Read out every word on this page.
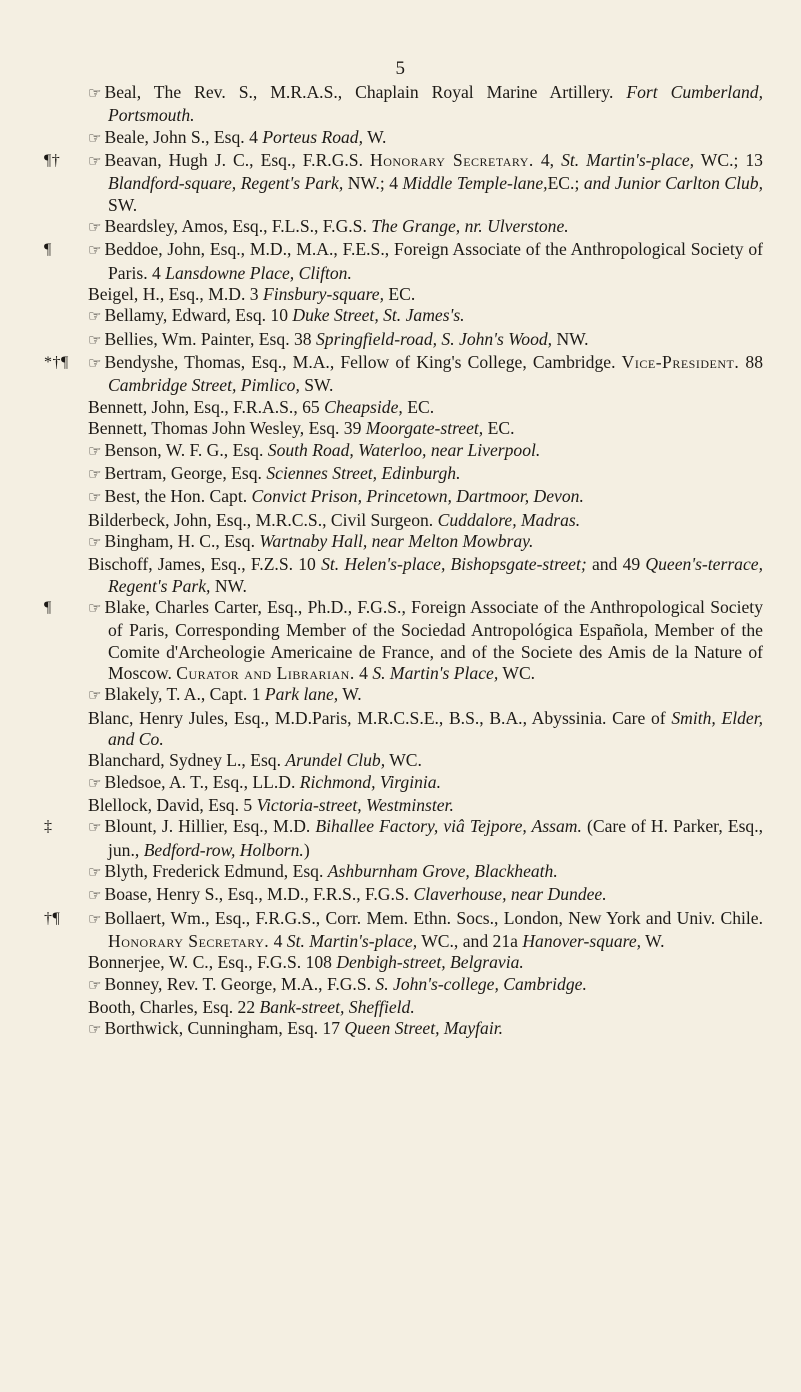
5
☞ Beal, The Rev. S., M.R.A.S., Chaplain Royal Marine Artillery. Fort Cumberland, Portsmouth.
☞ Beale, John S., Esq. 4 Porteus Road, W.
¶† ☞ Beavan, Hugh J. C., Esq., F.R.G.S. Honorary Secretary. 4, St. Martin's-place, WC.; 13 Blandford-square, Regent's Park, NW.; 4 Middle Temple-lane,EC.; and Junior Carlton Club, SW.
☞ Beardsley, Amos, Esq., F.L.S., F.G.S. The Grange, nr. Ulverstone.
¶ ☞ Beddoe, John, Esq., M.D., M.A., F.E.S., Foreign Associate of the Anthropological Society of Paris. 4 Lansdowne Place, Clifton.
Beigel, H., Esq., M.D. 3 Finsbury-square, EC.
☞ Bellamy, Edward, Esq. 10 Duke Street, St. James's.
☞ Bellies, Wm. Painter, Esq. 38 Springfield-road, S. John's Wood, NW.
*†¶ ☞ Bendyshe, Thomas, Esq., M.A., Fellow of King's College, Cambridge. Vice-President. 88 Cambridge Street, Pimlico, SW.
Bennett, John, Esq., F.R.A.S., 65 Cheapside, EC.
Bennett, Thomas John Wesley, Esq. 39 Moorgate-street, EC.
☞ Benson, W. F. G., Esq. South Road, Waterloo, near Liverpool.
☞ Bertram, George, Esq. Sciennes Street, Edinburgh.
☞ Best, the Hon. Capt. Convict Prison, Princetown, Dartmoor, Devon.
Bilderbeck, John, Esq., M.R.C.S., Civil Surgeon. Cuddalore, Madras.
☞ Bingham, H. C., Esq. Wartnaby Hall, near Melton Mowbray.
Bischoff, James, Esq., F.Z.S. 10 St. Helen's-place, Bishopsgate-street; and 49 Queen's-terrace, Regent's Park, NW.
¶ ☞ Blake, Charles Carter, Esq., Ph.D., F.G.S., Foreign Associate of the Anthropological Society of Paris, Corresponding Member of the Sociedad Antropológica Española, Member of the Comite d'Archeologie Americaine de France, and of the Societe des Amis de la Nature of Moscow. Curator and Librarian. 4 S. Martin's Place, WC.
☞ Blakely, T. A., Capt. 1 Park lane, W.
Blanc, Henry Jules, Esq., M.D.Paris, M.R.C.S.E., B.S., B.A., Abyssinia. Care of Smith, Elder, and Co.
Blanchard, Sydney L., Esq. Arundel Club, WC.
☞ Bledsoe, A. T., Esq., LL.D. Richmond, Virginia.
Blellock, David, Esq. 5 Victoria-street, Westminster.
‡ ☞ Blount, J. Hillier, Esq., M.D. Bihallee Factory, viâ Tejpore, Assam. (Care of H. Parker, Esq., jun., Bedford-row, Holborn.)
☞ Blyth, Frederick Edmund, Esq. Ashburnham Grove, Blackheath.
☞ Boase, Henry S., Esq., M.D., F.R.S., F.G.S. Claverhouse, near Dundee.
†¶ ☞ Bollaert, Wm., Esq., F.R.G.S., Corr. Mem. Ethn. Socs., London, New York and Univ. Chile. Honorary Secretary. 4 St. Martin's-place, WC., and 21a Hanover-square, W.
Bonnerjee, W. C., Esq., F.G.S. 108 Denbigh-street, Belgravia.
☞ Bonney, Rev. T. George, M.A., F.G.S. S. John's-college, Cambridge.
Booth, Charles, Esq. 22 Bank-street, Sheffield.
☞ Borthwick, Cunningham, Esq. 17 Queen Street, Mayfair.
